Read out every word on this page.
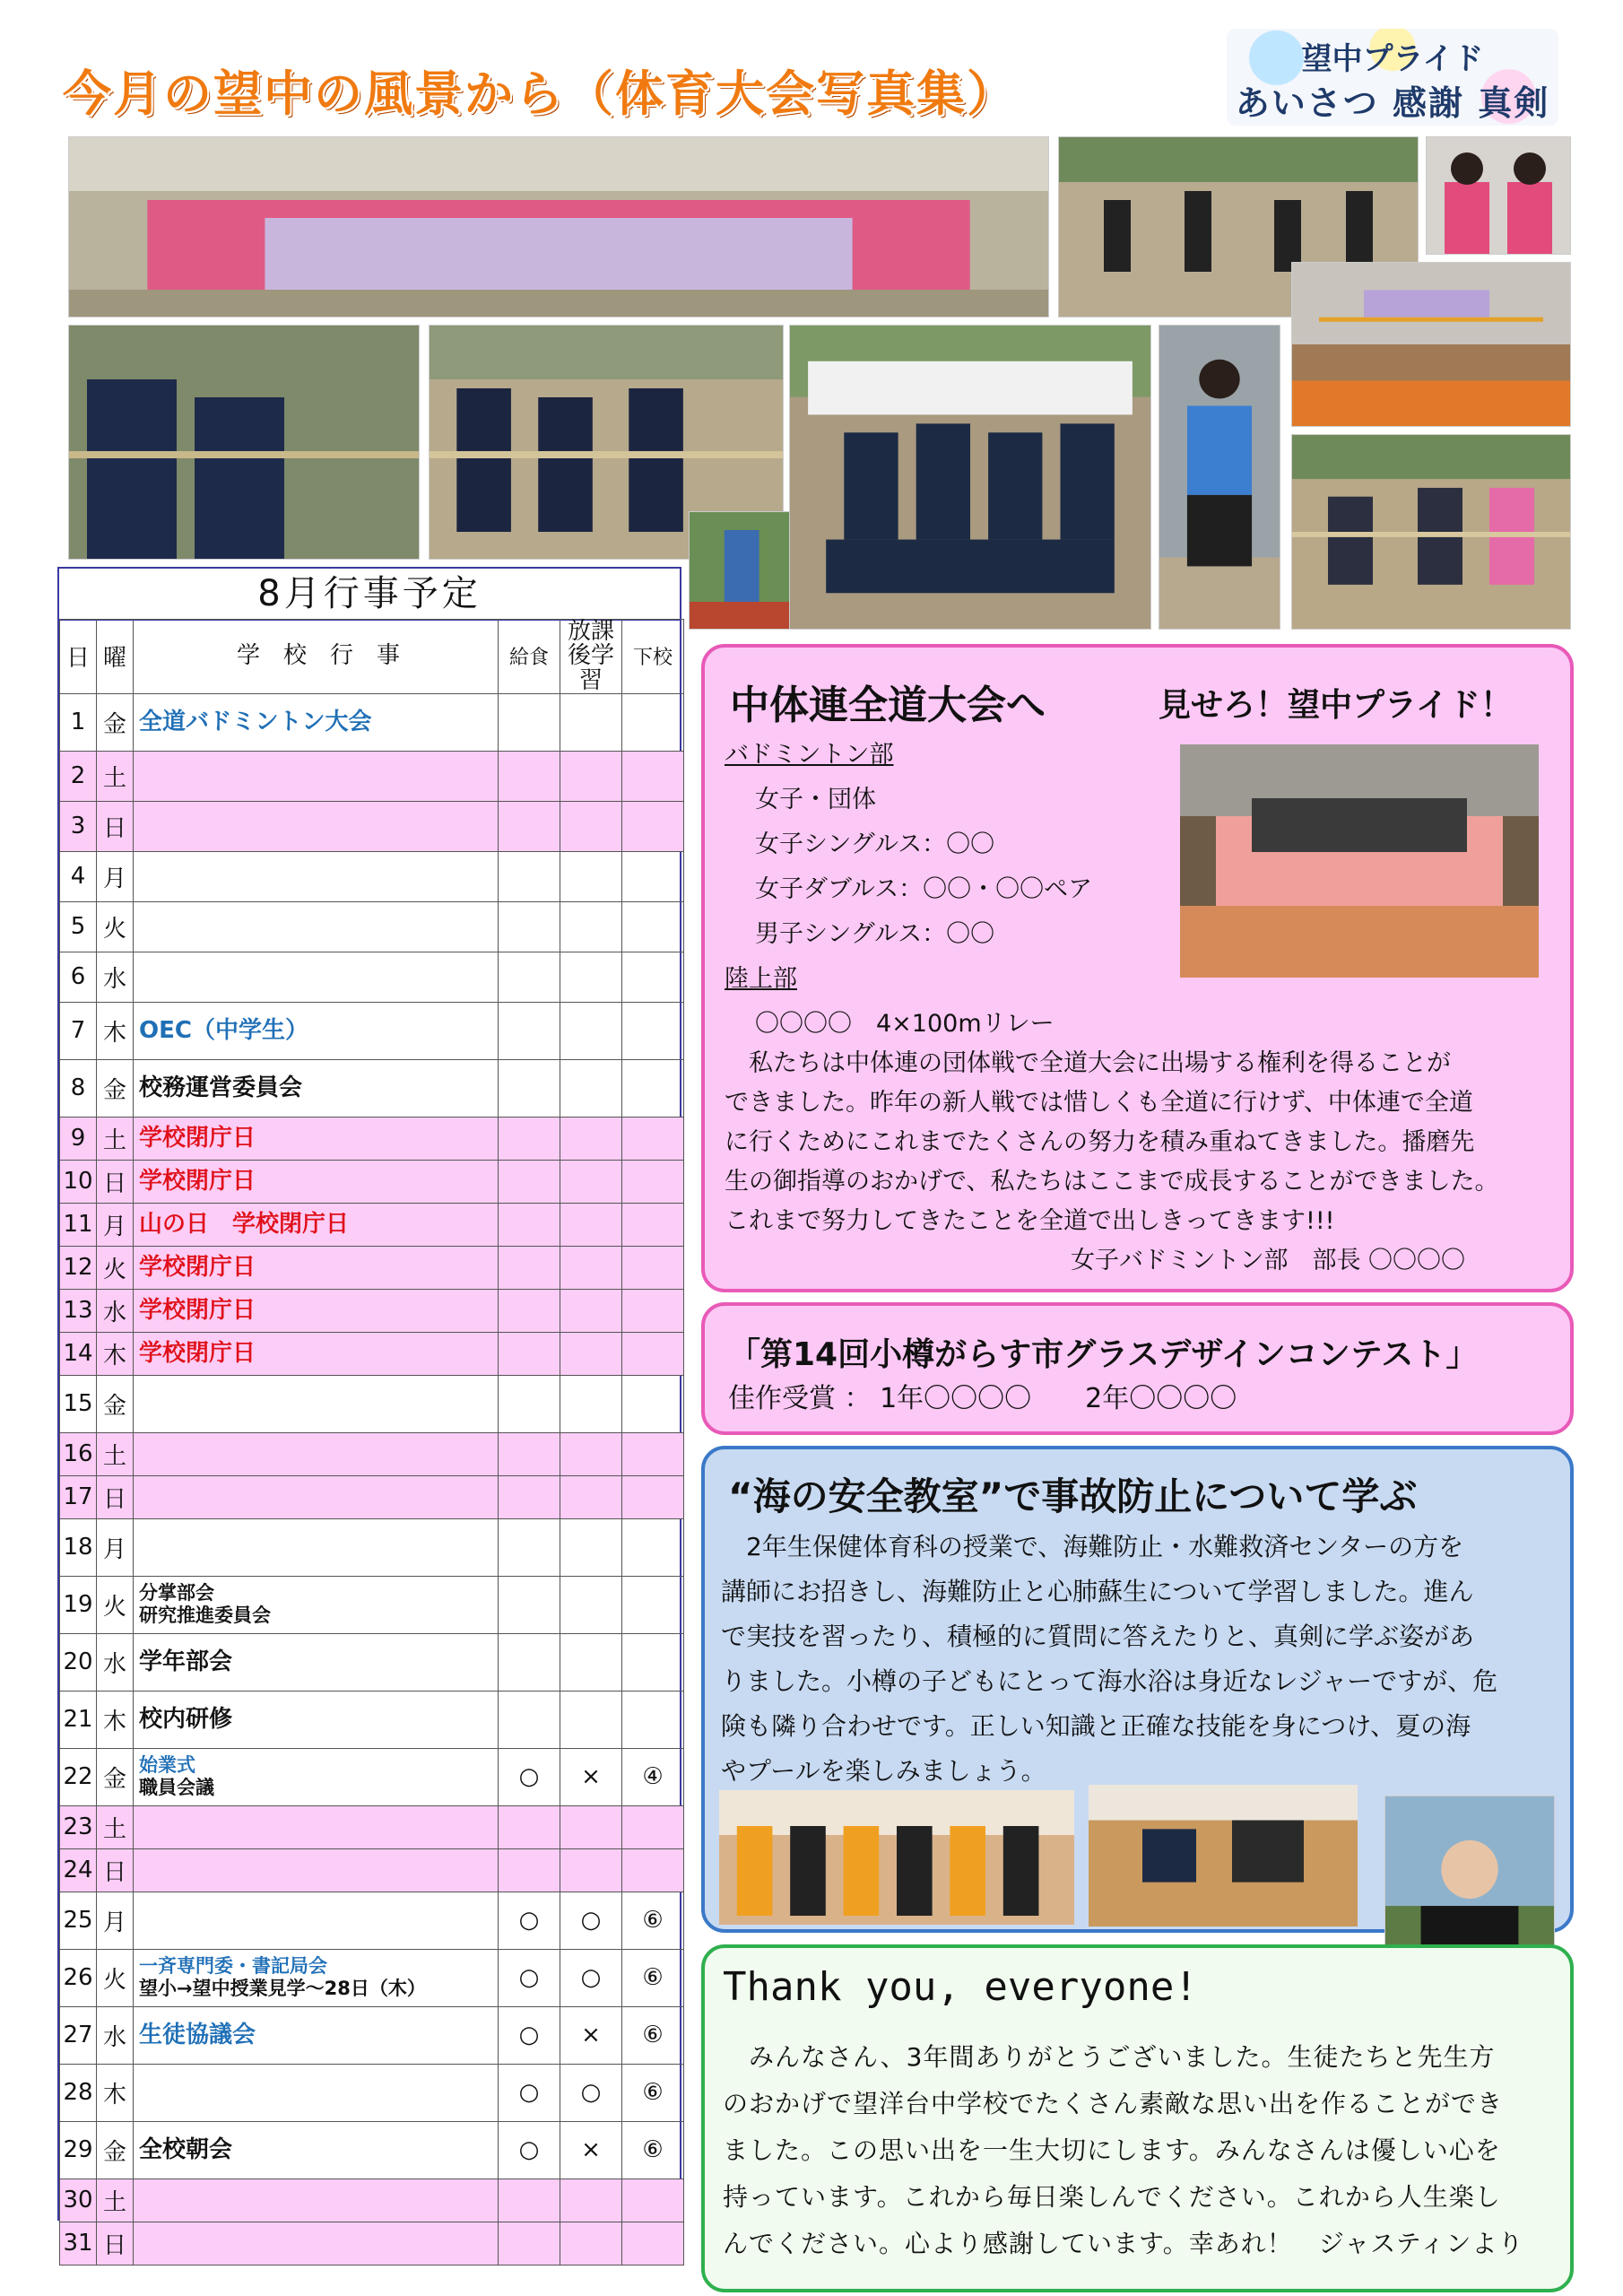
今月の望中の風景から（体育大会写真集）
望中プライド
あいさつ 感謝 真剣
8月行事予定
日	曜	学　校　行　事	給食	放課後学習	下校
1	金	全道バドミントン大会			

2	土				
3	日				
4	月				
5	火				
6	水				
7	木	OEC（中学生）			

8	金	校務運営委員会			

9	土	学校閉庁日			

10	日	学校閉庁日			

11	月	山の日　学校閉庁日			

12	火	学校閉庁日			

13	水	学校閉庁日			

14	木	学校閉庁日			

15	金				
16	土				
17	日				
18	月				
19	火	分掌部会
研究推進委員会			

20	水	学年部会			

21	木	校内研修			

22	金	始業式
職員会議	○	×	④
23	土				
24	日				
25	月		○	○	⑥
26	火	一斉専門委・書記局会
望小→望中授業見学～28日（木）	○	○	⑥
27	水	生徒協議会	○	×	⑥
28	木		○	○	⑥
29	金	全校朝会	○	×	⑥
30	土				
31	日				
中体連全道大会へ	見せろ！望中プライド！
バドミントン部
女子・団体
女子シングルス：〇〇
女子ダブルス：〇〇・〇〇ペア
男子シングルス：〇〇
陸上部
〇〇〇〇　4×100mリレー
　私たちは中体連の団体戦で全道大会に出場する権利を得ることが
できました。昨年の新人戦では惜しくも全道に行けず、中体連で全道
に行くためにこれまでたくさんの努力を積み重ねてきました。播磨先
生の御指導のおかげで、私たちはここまで成長することができました。
これまで努力してきたことを全道で出しきってきます!!!
女子バドミントン部　部長 〇〇〇〇
「第14回小樽がらす市グラスデザインコンテスト」
佳作受賞 ： 1年〇〇〇〇　　2年〇〇〇〇
“海の安全教室”で事故防止について学ぶ
　2年生保健体育科の授業で、海難防止・水難救済センターの方を
講師にお招きし、海難防止と心肺蘇生について学習しました。進ん
で実技を習ったり、積極的に質問に答えたりと、真剣に学ぶ姿があ
りました。小樽の子どもにとって海水浴は身近なレジャーですが、危
険も隣り合わせです。正しい知識と正確な技能を身につけ、夏の海
やプールを楽しみましょう。
Thank you, everyone!
　みんなさん、3年間ありがとうございました。生徒たちと先生方
のおかげで望洋台中学校でたくさん素敵な思い出を作ることができ
ました。この思い出を一生大切にします。みんなさんは優しい心を
持っています。これから毎日楽しんでください。これから人生楽し
んでください。心より感謝しています。幸あれ！　ジャスティンより
